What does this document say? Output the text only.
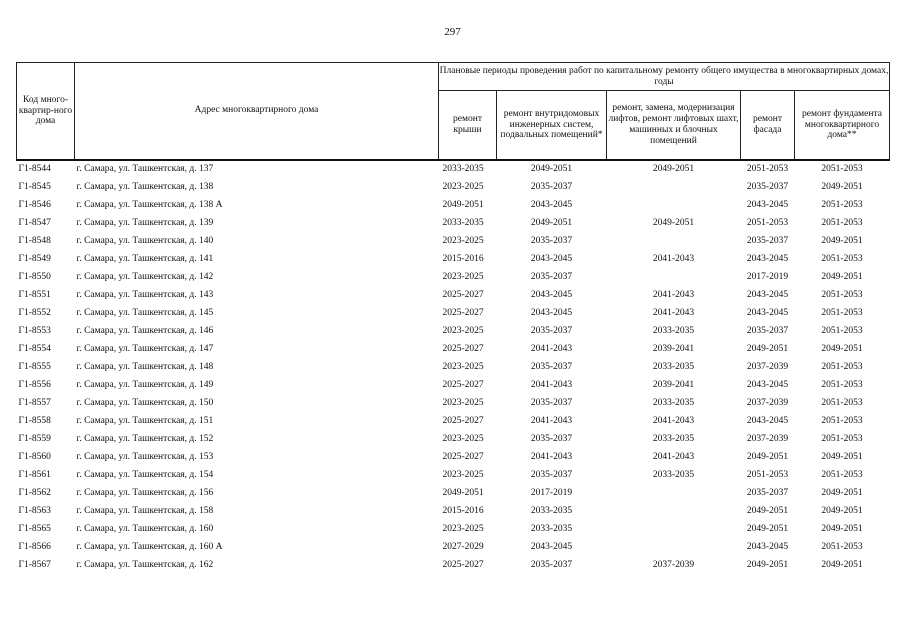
297
Код много-квартир-ного дома	Адрес многоквартирного дома	Плановые периоды проведения работ по капитальному ремонту общего имущества в многоквартирных домах, годы				
		ремонт крыши	ремонт внутридомовых инженерных систем, подвальных помещений*	ремонт, замена, модернизация лифтов, ремонт лифтовых шахт, машинных и блочных помещений	ремонт фасада	ремонт фундамента многоквартирного дома**
Г1-8544	г. Самара, ул. Ташкентская, д. 137	2033-2035	2049-2051	2049-2051	2051-2053	2051-2053
Г1-8545	г. Самара, ул. Ташкентская, д. 138	2023-2025	2035-2037		2035-2037	2049-2051
Г1-8546	г. Самара, ул. Ташкентская, д. 138 А	2049-2051	2043-2045		2043-2045	2051-2053
Г1-8547	г. Самара, ул. Ташкентская, д. 139	2033-2035	2049-2051	2049-2051	2051-2053	2051-2053
Г1-8548	г. Самара, ул. Ташкентская, д. 140	2023-2025	2035-2037		2035-2037	2049-2051
Г1-8549	г. Самара, ул. Ташкентская, д. 141	2015-2016	2043-2045	2041-2043	2043-2045	2051-2053
Г1-8550	г. Самара, ул. Ташкентская, д. 142	2023-2025	2035-2037		2017-2019	2049-2051
Г1-8551	г. Самара, ул. Ташкентская, д. 143	2025-2027	2043-2045	2041-2043	2043-2045	2051-2053
Г1-8552	г. Самара, ул. Ташкентская, д. 145	2025-2027	2043-2045	2041-2043	2043-2045	2051-2053
Г1-8553	г. Самара, ул. Ташкентская, д. 146	2023-2025	2035-2037	2033-2035	2035-2037	2051-2053
Г1-8554	г. Самара, ул. Ташкентская, д. 147	2025-2027	2041-2043	2039-2041	2049-2051	2049-2051
Г1-8555	г. Самара, ул. Ташкентская, д. 148	2023-2025	2035-2037	2033-2035	2037-2039	2051-2053
Г1-8556	г. Самара, ул. Ташкентская, д. 149	2025-2027	2041-2043	2039-2041	2043-2045	2051-2053
Г1-8557	г. Самара, ул. Ташкентская, д. 150	2023-2025	2035-2037	2033-2035	2037-2039	2051-2053
Г1-8558	г. Самара, ул. Ташкентская, д. 151	2025-2027	2041-2043	2041-2043	2043-2045	2051-2053
Г1-8559	г. Самара, ул. Ташкентская, д. 152	2023-2025	2035-2037	2033-2035	2037-2039	2051-2053
Г1-8560	г. Самара, ул. Ташкентская, д. 153	2025-2027	2041-2043	2041-2043	2049-2051	2049-2051
Г1-8561	г. Самара, ул. Ташкентская, д. 154	2023-2025	2035-2037	2033-2035	2051-2053	2051-2053
Г1-8562	г. Самара, ул. Ташкентская, д. 156	2049-2051	2017-2019		2035-2037	2049-2051
Г1-8563	г. Самара, ул. Ташкентская, д. 158	2015-2016	2033-2035		2049-2051	2049-2051
Г1-8565	г. Самара, ул. Ташкентская, д. 160	2023-2025	2033-2035		2049-2051	2049-2051
Г1-8566	г. Самара, ул. Ташкентская, д. 160 А	2027-2029	2043-2045		2043-2045	2051-2053
Г1-8567	г. Самара, ул. Ташкентская, д. 162	2025-2027	2035-2037	2037-2039	2049-2051	2049-2051
